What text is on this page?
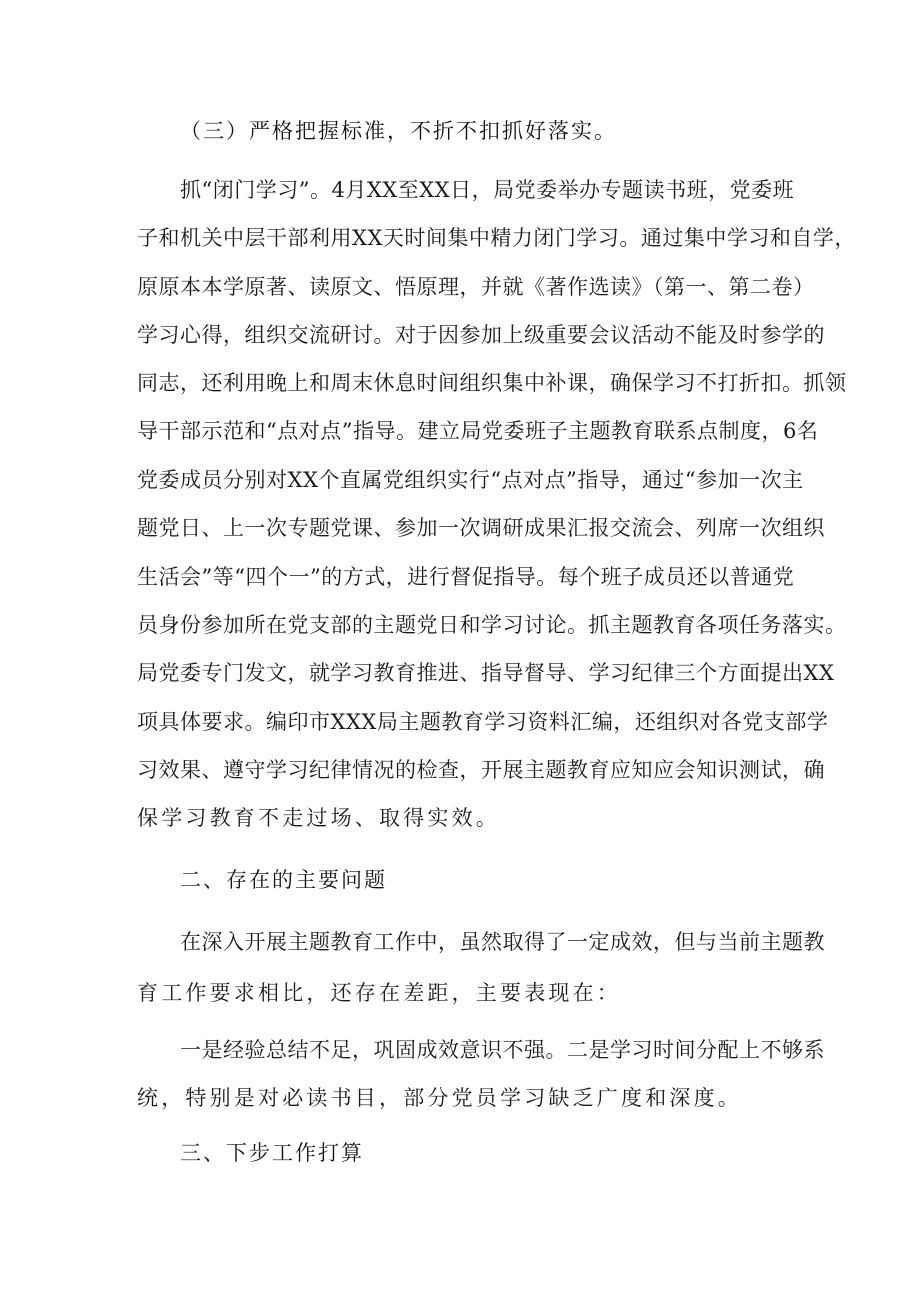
（三）严格把握标准，不折不扣抓好落实。
抓“闭门学习”。4月XX至XX日，局党委举办专题读书班，党委班
子和机关中层干部利用XX天时间集中精力闭门学习。通过集中学习和自学，
原原本本学原著、读原文、悟原理，并就《著作选读》（第一、第二卷）
学习心得，组织交流研讨。对于因参加上级重要会议活动不能及时参学的
同志，还利用晚上和周末休息时间组织集中补课，确保学习不打折扣。抓领
导干部示范和“点对点”指导。建立局党委班子主题教育联系点制度，6名
党委成员分别对XX个直属党组织实行“点对点”指导，通过“参加一次主
题党日、上一次专题党课、参加一次调研成果汇报交流会、列席一次组织
生活会”等“四个一”的方式，进行督促指导。每个班子成员还以普通党
员身份参加所在党支部的主题党日和学习讨论。抓主题教育各项任务落实。
局党委专门发文，就学习教育推进、指导督导、学习纪律三个方面提出XX
项具体要求。编印市XXX局主题教育学习资料汇编，还组织对各党支部学
习效果、遵守学习纪律情况的检查，开展主题教育应知应会知识测试，确
保学习教育不走过场、取得实效。
二、存在的主要问题
在深入开展主题教育工作中，虽然取得了一定成效，但与当前主题教
育工作要求相比，还存在差距，主要表现在：
一是经验总结不足，巩固成效意识不强。二是学习时间分配上不够系
统，特别是对必读书目，部分党员学习缺乏广度和深度。
三、下步工作打算
